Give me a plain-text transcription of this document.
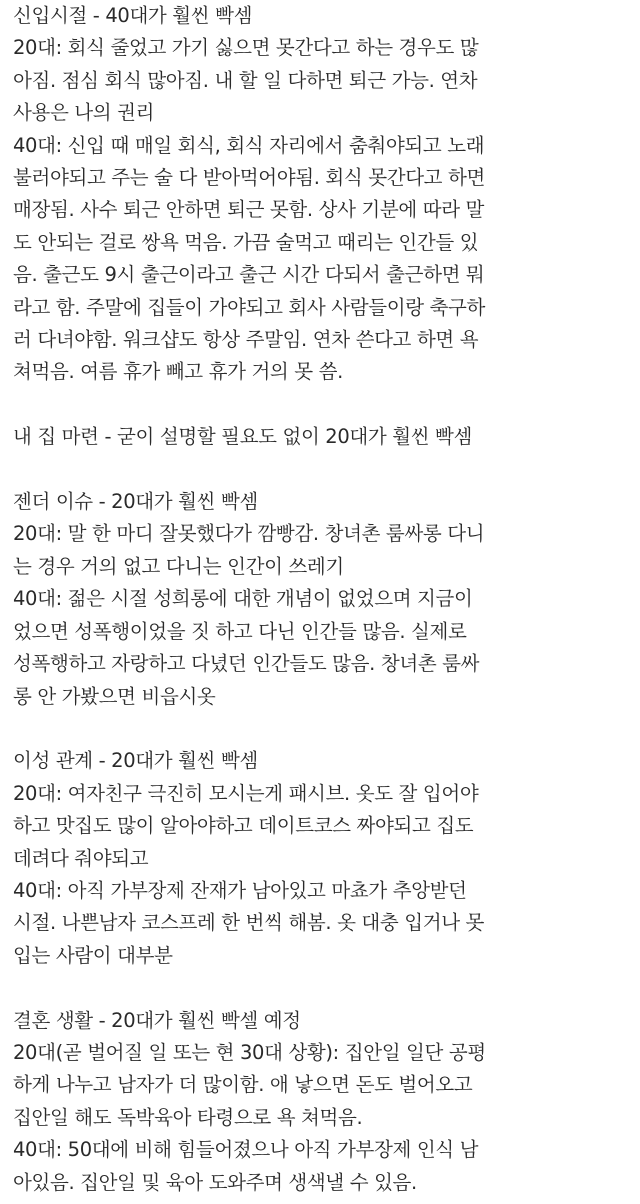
신입시절 - 40대가 훨씬 빡셈
20대: 회식 줄었고 가기 싫으면 못간다고 하는 경우도 많
아짐. 점심 회식 많아짐. 내 할 일 다하면 퇴근 가능. 연차
사용은 나의 권리
40대: 신입 때 매일 회식, 회식 자리에서 춤춰야되고 노래
불러야되고 주는 술 다 받아먹어야됨. 회식 못간다고 하면
매장됨. 사수 퇴근 안하면 퇴근 못함. 상사 기분에 따라 말
도 안되는 걸로 쌍욕 먹음. 가끔 술먹고 때리는 인간들 있
음. 출근도 9시 출근이라고 출근 시간 다되서 출근하면 뭐
라고 함. 주말에 집들이 가야되고 회사 사람들이랑 축구하
러 다녀야함. 워크샵도 항상 주말임. 연차 쓴다고 하면 욕
쳐먹음. 여름 휴가 빼고 휴가 거의 못 씀.
내 집 마련 - 굳이 설명할 필요도 없이 20대가 훨씬 빡셈
젠더 이슈 - 20대가 훨씬 빡셈
20대: 말 한 마디 잘못했다가 깜빵감. 창녀촌 룸싸롱 다니
는 경우 거의 없고 다니는 인간이 쓰레기
40대: 젊은 시절 성희롱에 대한 개념이 없었으며 지금이
었으면 성폭행이었을 짓 하고 다닌 인간들 많음. 실제로
성폭행하고 자랑하고 다녔던 인간들도 많음. 창녀촌 룸싸
롱 안 가봤으면 비읍시옷
이성 관계 - 20대가 훨씬 빡셈
20대: 여자친구 극진히 모시는게 패시브. 옷도 잘 입어야
하고 맛집도 많이 알아야하고 데이트코스 짜야되고 집도
데려다 줘야되고
40대: 아직 가부장제 잔재가 남아있고 마쵸가 추앙받던
시절. 나쁜남자 코스프레 한 번씩 해봄. 옷 대충 입거나 못
입는 사람이 대부분
결혼 생활 - 20대가 훨씬 빡셀 예정
20대(곧 벌어질 일 또는 현 30대 상황): 집안일 일단 공평
하게 나누고 남자가 더 많이함. 애 낳으면 돈도 벌어오고
집안일 해도 독박육아 타령으로 욕 쳐먹음.
40대: 50대에 비해 힘들어졌으나 아직 가부장제 인식 남
아있음. 집안일 및 육아 도와주며 생색낼 수 있음.
